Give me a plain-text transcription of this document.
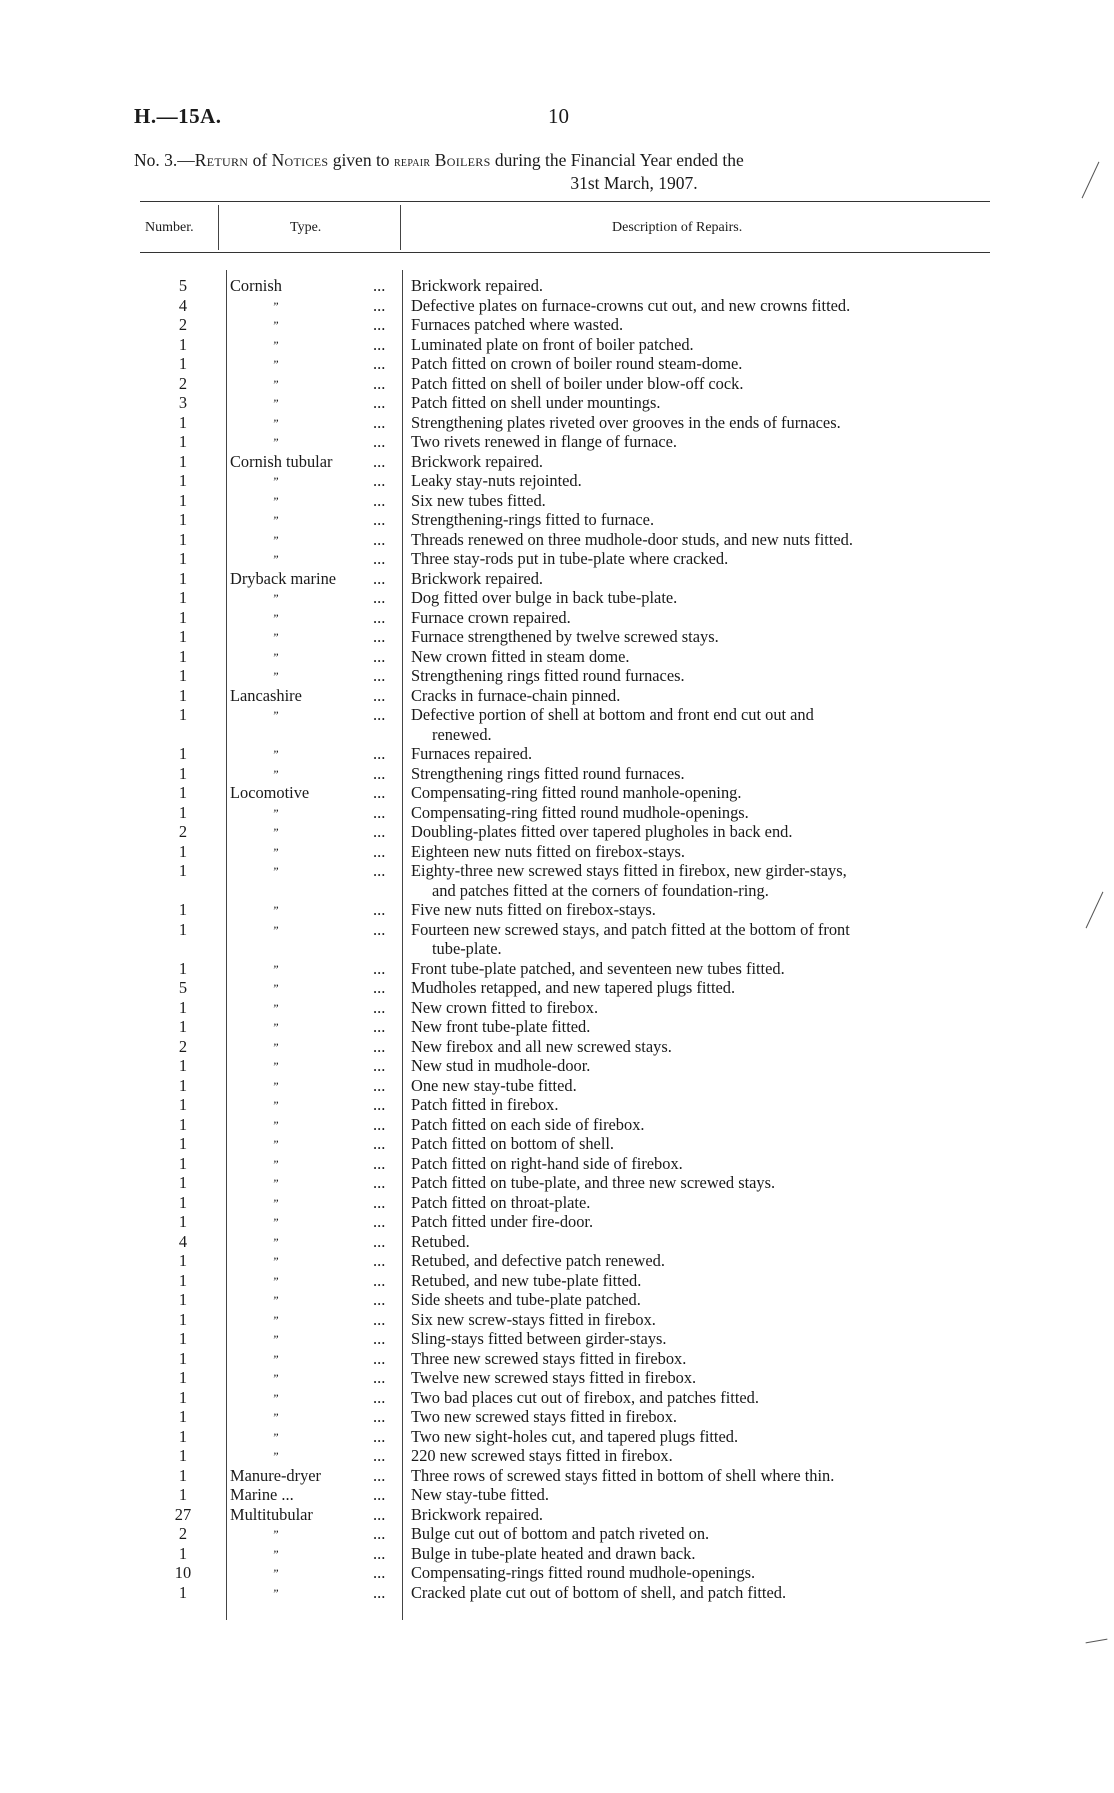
H.—15A.	10
No. 3.—Return of Notices given to repair Boilers during the Financial Year ended the
31st March, 1907.
Number.	Type.	Description of Repairs.
5	Cornish	... Brickwork repaired.
4	”	... Defective plates on furnace-crowns cut out, and new crowns fitted.
2	”	... Furnaces patched where wasted.
1	”	... Luminated plate on front of boiler patched.
1	”	... Patch fitted on crown of boiler round steam-dome.
2	”	... Patch fitted on shell of boiler under blow-off cock.
3	”	... Patch fitted on shell under mountings.
1	”	... Strengthening plates riveted over grooves in the ends of furnaces.
1	”	... Two rivets renewed in flange of furnace.
1	Cornish tubular ... Brickwork repaired.
1	”	... Leaky stay-nuts rejointed.
1	”	... Six new tubes fitted.
1	”	... Strengthening-rings fitted to furnace.
1	”	... Threads renewed on three mudhole-door studs, and new nuts fitted.
1	”	... Three stay-rods put in tube-plate where cracked.
1	Dryback marine ... Brickwork repaired.
1	”	... Dog fitted over bulge in back tube-plate.
1	”	... Furnace crown repaired.
1	”	... Furnace strengthened by twelve screwed stays.
1	”	... New crown fitted in steam dome.
1	”	... Strengthening rings fitted round furnaces.
1	Lancashire	... Cracks in furnace-chain pinned.
1	”	... Defective portion of shell at bottom and front end cut out and
renewed.
1	”	... Furnaces repaired.
1	”	... Strengthening rings fitted round furnaces.
1	Locomotive	... Compensating-ring fitted round manhole-opening.
1	”	... Compensating-ring fitted round mudhole-openings.
2	”	... Doubling-plates fitted over tapered plugholes in back end.
1	”	... Eighteen new nuts fitted on firebox-stays.
1	”	... Eighty-three new screwed stays fitted in firebox, new girder-stays,
and patches fitted at the corners of foundation-ring.
1	”	... Five new nuts fitted on firebox-stays.
1	”	... Fourteen new screwed stays, and patch fitted at the bottom of front
tube-plate.
1	”	... Front tube-plate patched, and seventeen new tubes fitted.
5	”	... Mudholes retapped, and new tapered plugs fitted.
1	”	... New crown fitted to firebox.
1	”	... New front tube-plate fitted.
2	”	... New firebox and all new screwed stays.
1	”	... New stud in mudhole-door.
1	”	... One new stay-tube fitted.
1	”	... Patch fitted in firebox.
1	”	... Patch fitted on each side of firebox.
1	”	... Patch fitted on bottom of shell.
1	”	... Patch fitted on right-hand side of firebox.
1	”	... Patch fitted on tube-plate, and three new screwed stays.
1	”	... Patch fitted on throat-plate.
1	”	... Patch fitted under fire-door.
4	”	... Retubed.
1	”	... Retubed, and defective patch renewed.
1	”	... Retubed, and new tube-plate fitted.
1	”	... Side sheets and tube-plate patched.
1	”	... Six new screw-stays fitted in firebox.
1	”	... Sling-stays fitted between girder-stays.
1	”	... Three new screwed stays fitted in firebox.
1	”	... Twelve new screwed stays fitted in firebox.
1	”	... Two bad places cut out of firebox, and patches fitted.
1	”	... Two new screwed stays fitted in firebox.
1	”	... Two new sight-holes cut, and tapered plugs fitted.
1	”	... 220 new screwed stays fitted in firebox.
1	Manure-dryer	... Three rows of screwed stays fitted in bottom of shell where thin.
1	Marine ...	... New stay-tube fitted.
27	Multitubular	... Brickwork repaired.
2	”	... Bulge cut out of bottom and patch riveted on.
1	”	... Bulge in tube-plate heated and drawn back.
10	”	... Compensating-rings fitted round mudhole-openings.
1	”	... Cracked plate cut out of bottom of shell, and patch fitted.
